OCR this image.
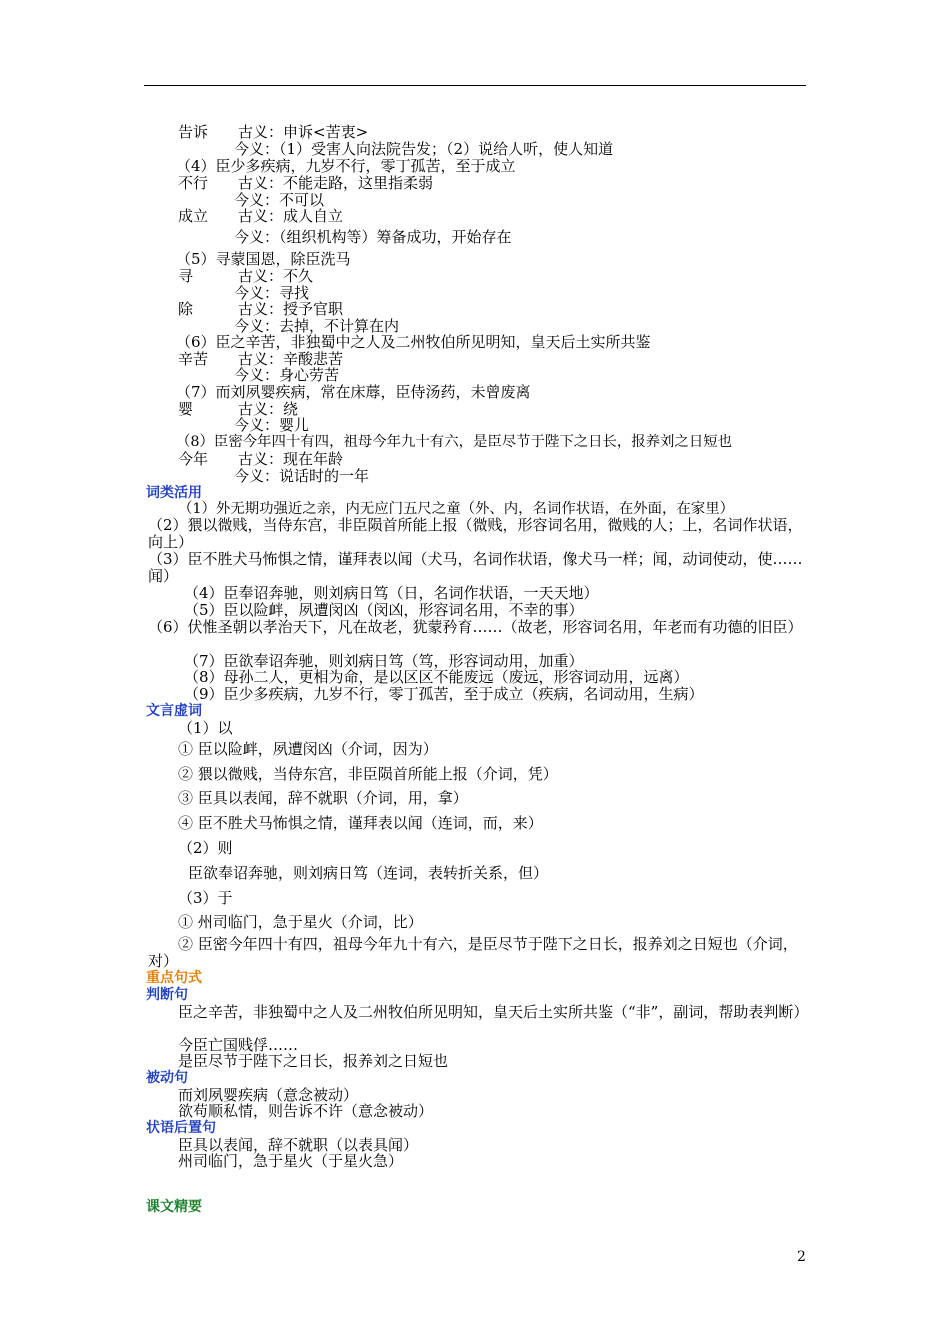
告诉　　古义：申诉<苦衷>
今义：（1）受害人向法院告发；（2）说给人听，使人知道
（4）臣少多疾病，九岁不行，零丁孤苦，至于成立
不行　　古义：不能走路，这里指柔弱
今义：不可以
成立　　古义：成人自立
今义：（组织机构等）筹备成功，开始存在
（5）寻蒙国恩，除臣洗马
寻　　　古义：不久
今义：寻找
除　　　古义：授予官职
今义：去掉，不计算在内
（6）臣之辛苦，非独蜀中之人及二州牧伯所见明知，皇天后土实所共鉴
辛苦　　古义：辛酸悲苦
今义：身心劳苦
（7）而刘夙婴疾病，常在床蓐，臣侍汤药，未曾废离
婴　　　古义：绕
今义：婴儿
（8）臣密今年四十有四，祖母今年九十有六，是臣尽节于陛下之日长，报养刘之日短也
今年　　古义：现在年龄
今义：说话时的一年
词类活用
（1）外无期功强近之亲，内无应门五尺之童（外、内，名词作状语，在外面，在家里）
（2）猥以微贱，当侍东宫，非臣陨首所能上报（微贱，形容词名用，微贱的人；上，名词作状语，向上）
（3）臣不胜犬马怖惧之情，谨拜表以闻（犬马，名词作状语，像犬马一样；闻，动词使动，使……闻）
（4）臣奉诏奔驰，则刘病日笃（日，名词作状语，一天天地）
（5）臣以险衅，夙遭闵凶（闵凶，形容词名用，不幸的事）
（6）伏惟圣朝以孝治天下，凡在故老，犹蒙矜育……（故老，形容词名用，年老而有功德的旧臣）
（7）臣欲奉诏奔驰，则刘病日笃（笃，形容词动用，加重）
（8）母孙二人，更相为命，是以区区不能废远（废远，形容词动用，远离）
（9）臣少多疾病，九岁不行，零丁孤苦，至于成立（疾病，名词动用，生病）
文言虚词
（1）以
① 臣以险衅，夙遭闵凶（介词，因为）
② 猥以微贱，当侍东宫，非臣陨首所能上报（介词，凭）
③ 臣具以表闻，辞不就职（介词，用，拿）
④ 臣不胜犬马怖惧之情，谨拜表以闻（连词，而，来）
（2）则
臣欲奉诏奔驰，则刘病日笃（连词，表转折关系，但）
（3）于
① 州司临门，急于星火（介词，比）
② 臣密今年四十有四，祖母今年九十有六，是臣尽节于陛下之日长，报养刘之日短也（介词，对）
重点句式
判断句
臣之辛苦，非独蜀中之人及二州牧伯所见明知，皇天后土实所共鉴（“非”，副词，帮助表判断）
今臣亡国贱俘……
是臣尽节于陛下之日长，报养刘之日短也
被动句
而刘夙婴疾病（意念被动）
欲苟顺私情，则告诉不许（意念被动）
状语后置句
臣具以表闻，辞不就职（以表具闻）
州司临门，急于星火（于星火急）
课文精要
2
